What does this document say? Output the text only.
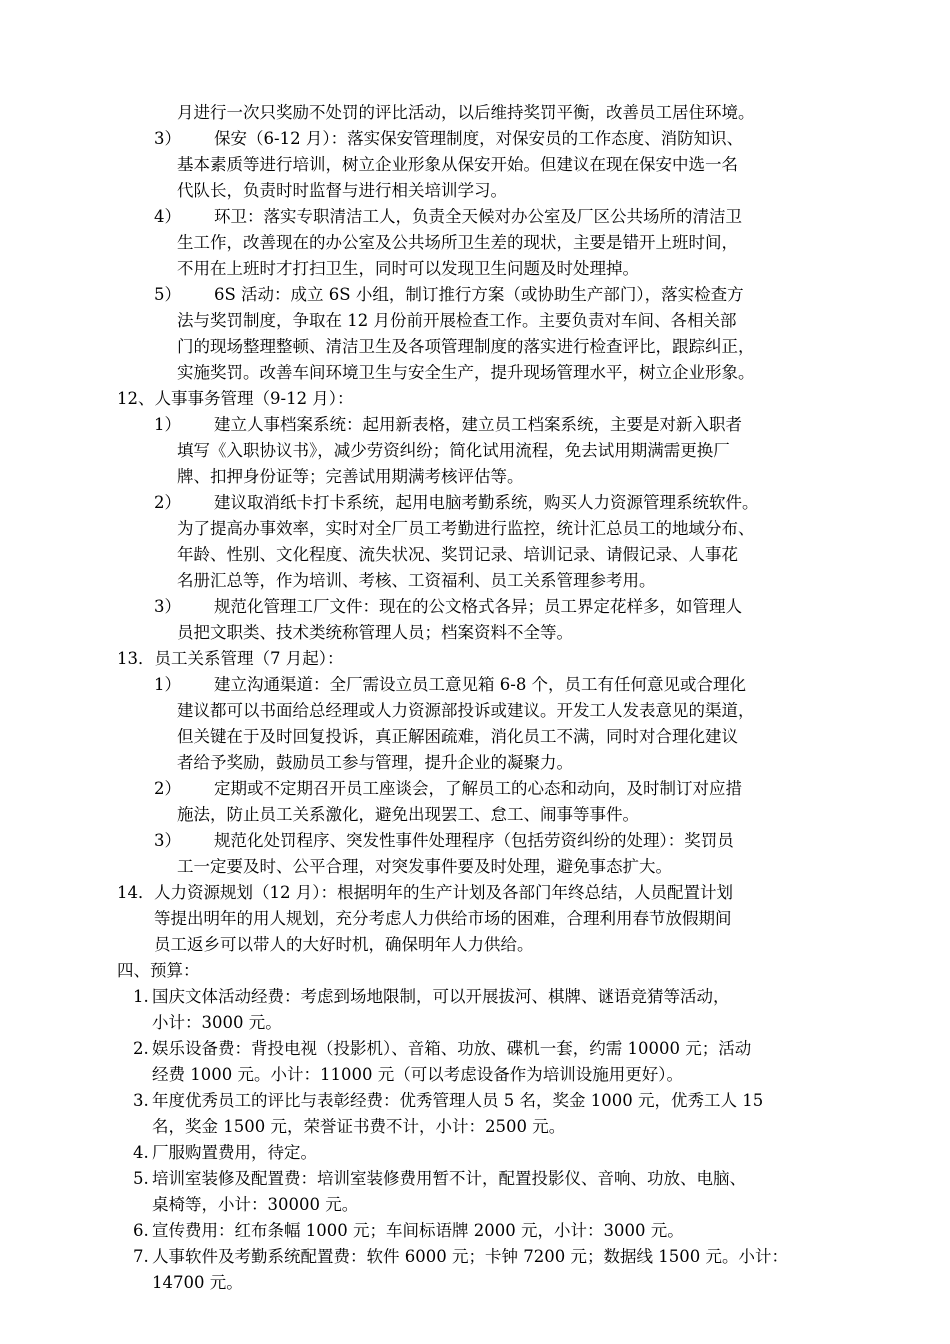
月进行一次只奖励不处罚的评比活动，以后维持奖罚平衡，改善员工居住环境。
3） 保安（6-12 月）：落实保安管理制度，对保安员的工作态度、消防知识、
基本素质等进行培训，树立企业形象从保安开始。但建议在现在保安中选一名
代队长，负责时时监督与进行相关培训学习。
4） 环卫：落实专职清洁工人，负责全天候对办公室及厂区公共场所的清洁卫
生工作，改善现在的办公室及公共场所卫生差的现状，主要是错开上班时间，
不用在上班时才打扫卫生，同时可以发现卫生问题及时处理掉。
5） 6S 活动：成立 6S 小组，制订推行方案（或协助生产部门），落实检查方
法与奖罚制度，争取在 12 月份前开展检查工作。主要负责对车间、各相关部
门的现场整理整顿、清洁卫生及各项管理制度的落实进行检查评比，跟踪纠正，
实施奖罚。改善车间环境卫生与安全生产，提升现场管理水平，树立企业形象。
12、人事事务管理（9-12 月）：
1） 建立人事档案系统：起用新表格，建立员工档案系统，主要是对新入职者
填写《入职协议书》，减少劳资纠纷；简化试用流程，免去试用期满需更换厂
牌、扣押身份证等；完善试用期满考核评估等。
2） 建议取消纸卡打卡系统，起用电脑考勤系统，购买人力资源管理系统软件。
为了提高办事效率，实时对全厂员工考勤进行监控，统计汇总员工的地域分布、
年龄、性别、文化程度、流失状况、奖罚记录、培训记录、请假记录、人事花
名册汇总等，作为培训、考核、工资福利、员工关系管理参考用。
3） 规范化管理工厂文件：现在的公文格式各异；员工界定花样多，如管理人
员把文职类、技术类统称管理人员；档案资料不全等。
13．员工关系管理（7 月起）：
1） 建立沟通渠道：全厂需设立员工意见箱 6-8 个，员工有任何意见或合理化
建议都可以书面给总经理或人力资源部投诉或建议。开发工人发表意见的渠道，
但关键在于及时回复投诉，真正解困疏难，消化员工不满，同时对合理化建议
者给予奖励，鼓励员工参与管理，提升企业的凝聚力。
2） 定期或不定期召开员工座谈会，了解员工的心态和动向，及时制订对应措
施法，防止员工关系激化，避免出现罢工、怠工、闹事等事件。
3） 规范化处罚程序、突发性事件处理程序（包括劳资纠纷的处理）：奖罚员
工一定要及时、公平合理，对突发事件要及时处理，避免事态扩大。
14． 人力资源规划（12 月）：根据明年的生产计划及各部门年终总结，人员配置计划
等提出明年的用人规划，充分考虑人力供给市场的困难，合理利用春节放假期间
员工返乡可以带人的大好时机，确保明年人力供给。
四、预算：
1. 国庆文体活动经费：考虑到场地限制，可以开展拔河、棋牌、谜语竞猜等活动，
小计：3000 元。
2. 娱乐设备费：背投电视（投影机）、音箱、功放、碟机一套，约需 10000 元；活动
经费 1000 元。小计：11000 元（可以考虑设备作为培训设施用更好）。
3. 年度优秀员工的评比与表彰经费：优秀管理人员 5 名，奖金 1000 元，优秀工人 15
名，奖金 1500 元，荣誉证书费不计，小计：2500 元。
4. 厂服购置费用，待定。
5. 培训室装修及配置费：培训室装修费用暂不计，配置投影仪、音响、功放、电脑、
桌椅等，小计：30000 元。
6. 宣传费用：红布条幅 1000 元；车间标语牌 2000 元，小计：3000 元。
7. 人事软件及考勤系统配置费：软件 6000 元；卡钟 7200 元；数据线 1500 元。小计：
14700 元。
